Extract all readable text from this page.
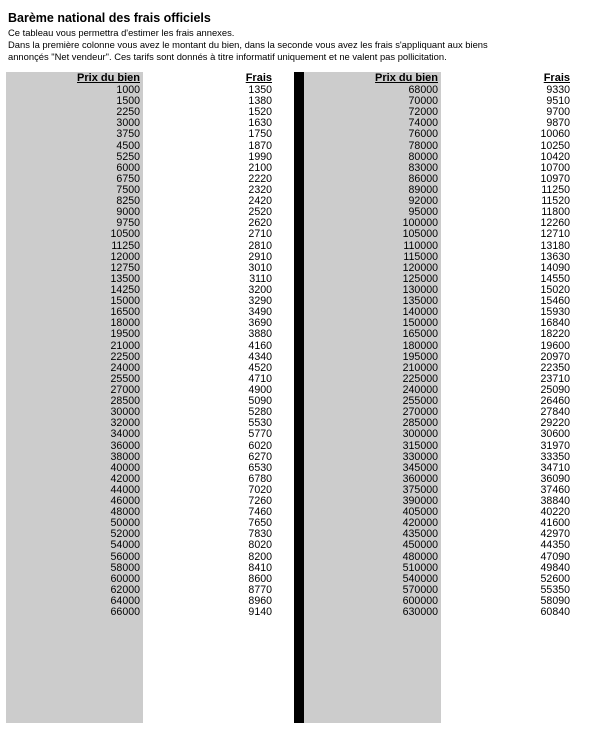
Barème national des frais officiels

Ce tableau vous permettra d'estimer les frais annexes.
Dans la première colonne vous avez le montant du bien, dans la seconde vous avez les frais s'appliquant aux biens
annonçés "Net vendeur". Ces tarifs sont donnés à titre informatif uniquement et ne valent pas pollicitation.

Prix du bien
1000
1500
2250
3000
3750
4500
5250
6000
6750
7500
8250
9000
9750
10500
11250
12000
12750
13500
14250
15000
16500
18000
19500
21000
22500
24000
25500
27000
28500
30000
32000
34000
36000
38000
40000
42000
44000
46000
48000
50000
52000
54000
56000
58000
60000
62000
64000
66000
Frais
1350
1380
1520
1630
1750
1870
1990
2100
2220
2320
2420
2520
2620
2710
2810
2910
3010
3110
3200
3290
3490
3690
3880
4160
4340
4520
4710
4900
5090
5280
5530
5770
6020
6270
6530
6780
7020
7260
7460
7650
7830
8020
8200
8410
8600
8770
8960
9140
Prix du bien
68000
70000
72000
74000
76000
78000
80000
83000
86000
89000
92000
95000
100000
105000
110000
115000
120000
125000
130000
135000
140000
150000
165000
180000
195000
210000
225000
240000
255000
270000
285000
300000
315000
330000
345000
360000
375000
390000
405000
420000
435000
450000
480000
510000
540000
570000
600000
630000
Frais
9330
9510
9700
9870
10060
10250
10420
10700
10970
11250
11520
11800
12260
12710
13180
13630
14090
14550
15020
15460
15930
16840
18220
19600
20970
22350
23710
25090
26460
27840
29220
30600
31970
33350
34710
36090
37460
38840
40220
41600
42970
44350
47090
49840
52600
55350
58090
60840
